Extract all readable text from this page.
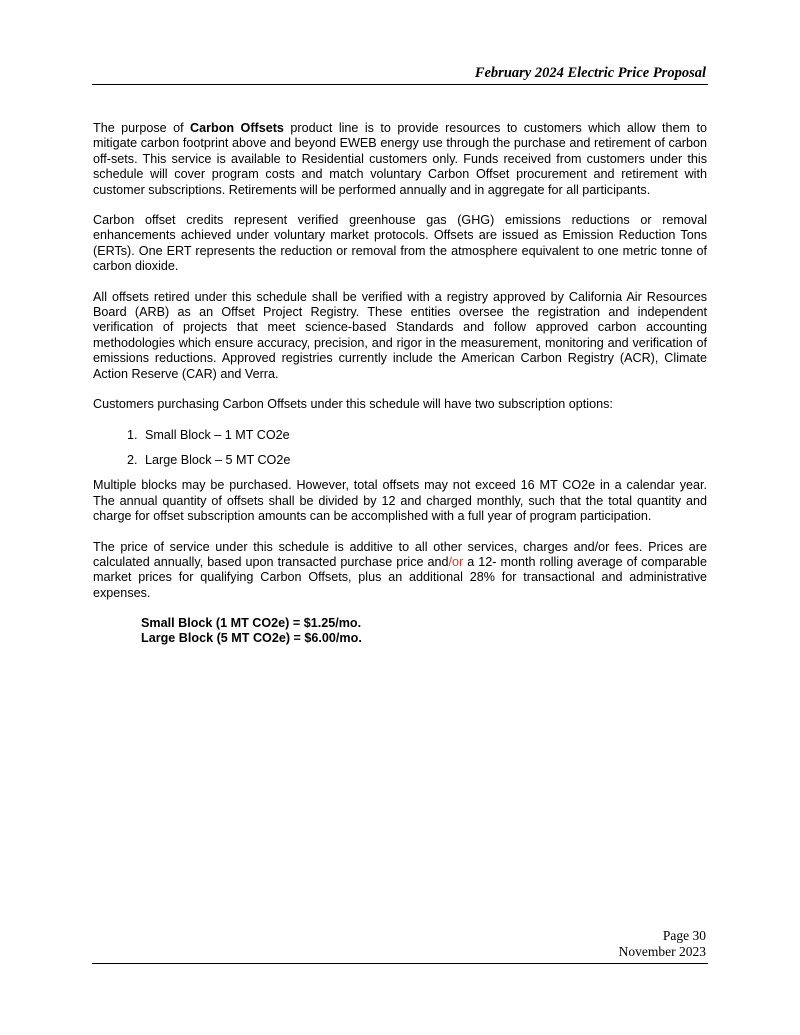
February 2024 Electric Price Proposal

The purpose of Carbon Offsets product line is to provide resources to customers which allow them to mitigate carbon footprint above and beyond EWEB energy use through the purchase and retirement of carbon off-sets. This service is available to Residential customers only. Funds received from customers under this schedule will cover program costs and match voluntary Carbon Offset procurement and retirement with customer subscriptions. Retirements will be performed annually and in aggregate for all participants.

Carbon offset credits represent verified greenhouse gas (GHG) emissions reductions or removal enhancements achieved under voluntary market protocols. Offsets are issued as Emission Reduction Tons (ERTs). One ERT represents the reduction or removal from the atmosphere equivalent to one metric tonne of carbon dioxide.

All offsets retired under this schedule shall be verified with a registry approved by California Air Resources Board (ARB) as an Offset Project Registry. These entities oversee the registration and independent verification of projects that meet science-based Standards and follow approved carbon accounting methodologies which ensure accuracy, precision, and rigor in the measurement, monitoring and verification of emissions reductions. Approved registries currently include the American Carbon Registry (ACR), Climate Action Reserve (CAR) and Verra.

Customers purchasing Carbon Offsets under this schedule will have two subscription options:

1. Small Block – 1 MT CO2e
2. Large Block – 5 MT CO2e

Multiple blocks may be purchased. However, total offsets may not exceed 16 MT CO2e in a calendar year. The annual quantity of offsets shall be divided by 12 and charged monthly, such that the total quantity and charge for offset subscription amounts can be accomplished with a full year of program participation.

The price of service under this schedule is additive to all other services, charges and/or fees. Prices are calculated annually, based upon transacted purchase price and/or a 12- month rolling average of comparable market prices for qualifying Carbon Offsets, plus an additional 28% for transactional and administrative expenses.

Small Block (1 MT CO2e) = $1.25/mo.
Large Block (5 MT CO2e) = $6.00/mo.
Page 30
November 2023
